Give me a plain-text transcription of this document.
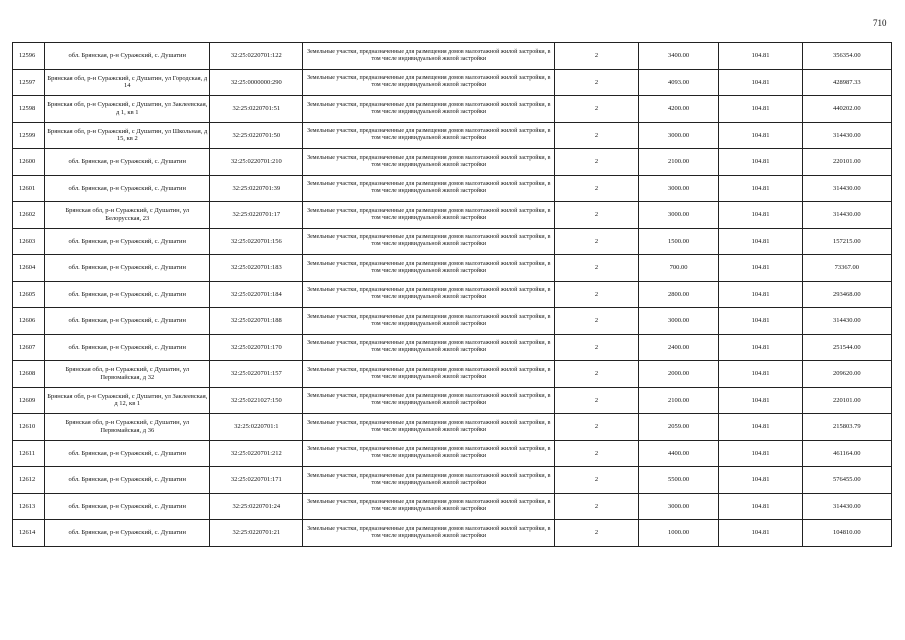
710
12596	обл. Брянская, р-н Суражский, с. Душатин	32:25:0220701:122	Земельные участки, предназначенные для размещения домов малоэтажной жилой застройки, в том числе индивидуальной жилой застройки	2	3400.00	104.81	356354.00
12597	Брянская обл, р-н Суражский, с Душатин, ул Городская, д 14	32:25:0000000:290	Земельные участки, предназначенные для размещения домов малоэтажной жилой застройки, в том числе индивидуальной жилой застройки	2	4093.00	104.81	428987.33
12598	Брянская обл, р-н Суражский, с Душатин, ул Заклеевская, д 1, кв 1	32:25:0220701:51	Земельные участки, предназначенные для размещения домов малоэтажной жилой застройки, в том числе индивидуальной жилой застройки	2	4200.00	104.81	440202.00
12599	Брянская обл, р-н Суражский, с Душатин, ул Школьная, д 15, кв 2	32:25:0220701:50	Земельные участки, предназначенные для размещения домов малоэтажной жилой застройки, в том числе индивидуальной жилой застройки	2	3000.00	104.81	314430.00
12600	обл. Брянская, р-н Суражский, с. Душатин	32:25:0220701:210	Земельные участки, предназначенные для размещения домов малоэтажной жилой застройки, в том числе индивидуальной жилой застройки	2	2100.00	104.81	220101.00
12601	обл. Брянская, р-н Суражский, с. Душатин	32:25:0220701:39	Земельные участки, предназначенные для размещения домов малоэтажной жилой застройки, в том числе индивидуальной жилой застройки	2	3000.00	104.81	314430.00
12602	Брянская обл, р-н Суражский, с Душатин, ул Белорусская, 23	32:25:0220701:17	Земельные участки, предназначенные для размещения домов малоэтажной жилой застройки, в том числе индивидуальной жилой застройки	2	3000.00	104.81	314430.00
12603	обл. Брянская, р-н Суражский, с. Душатин	32:25:0220701:156	Земельные участки, предназначенные для размещения домов малоэтажной жилой застройки, в том числе индивидуальной жилой застройки	2	1500.00	104.81	157215.00
12604	обл. Брянская, р-н Суражский, с. Душатин	32:25:0220701:183	Земельные участки, предназначенные для размещения домов малоэтажной жилой застройки, в том числе индивидуальной жилой застройки	2	700.00	104.81	73367.00
12605	обл. Брянская, р-н Суражский, с. Душатин	32:25:0220701:184	Земельные участки, предназначенные для размещения домов малоэтажной жилой застройки, в том числе индивидуальной жилой застройки	2	2800.00	104.81	293468.00
12606	обл. Брянская, р-н Суражский, с. Душатин	32:25:0220701:188	Земельные участки, предназначенные для размещения домов малоэтажной жилой застройки, в том числе индивидуальной жилой застройки	2	3000.00	104.81	314430.00
12607	обл. Брянская, р-н Суражский, с. Душатин	32:25:0220701:170	Земельные участки, предназначенные для размещения домов малоэтажной жилой застройки, в том числе индивидуальной жилой застройки	2	2400.00	104.81	251544.00
12608	Брянская обл, р-н Суражский, с Душатин, ул Первомайская, д 32	32:25:0220701:157	Земельные участки, предназначенные для размещения домов малоэтажной жилой застройки, в том числе индивидуальной жилой застройки	2	2000.00	104.81	209620.00
12609	Брянская обл, р-н Суражский, с Душатин, ул Заклеевская, д 12, кв 1	32:25:0221027:150	Земельные участки, предназначенные для размещения домов малоэтажной жилой застройки, в том числе индивидуальной жилой застройки	2	2100.00	104.81	220101.00
12610	Брянская обл, р-н Суражский, с Душатин, ул Первомайская, д 36	32:25:0220701:1	Земельные участки, предназначенные для размещения домов малоэтажной жилой застройки, в том числе индивидуальной жилой застройки	2	2059.00	104.81	215803.79
12611	обл. Брянская, р-н Суражский, с. Душатин	32:25:0220701:212	Земельные участки, предназначенные для размещения домов малоэтажной жилой застройки, в том числе индивидуальной жилой застройки	2	4400.00	104.81	461164.00
12612	обл. Брянская, р-н Суражский, с. Душатин	32:25:0220701:171	Земельные участки, предназначенные для размещения домов малоэтажной жилой застройки, в том числе индивидуальной жилой застройки	2	5500.00	104.81	576455.00
12613	обл. Брянская, р-н Суражский, с. Душатин	32:25:0220701:24	Земельные участки, предназначенные для размещения домов малоэтажной жилой застройки, в том числе индивидуальной жилой застройки	2	3000.00	104.81	314430.00
12614	обл. Брянская, р-н Суражский, с. Душатин	32:25:0220701:21	Земельные участки, предназначенные для размещения домов малоэтажной жилой застройки, в том числе индивидуальной жилой застройки	2	1000.00	104.81	104810.00
